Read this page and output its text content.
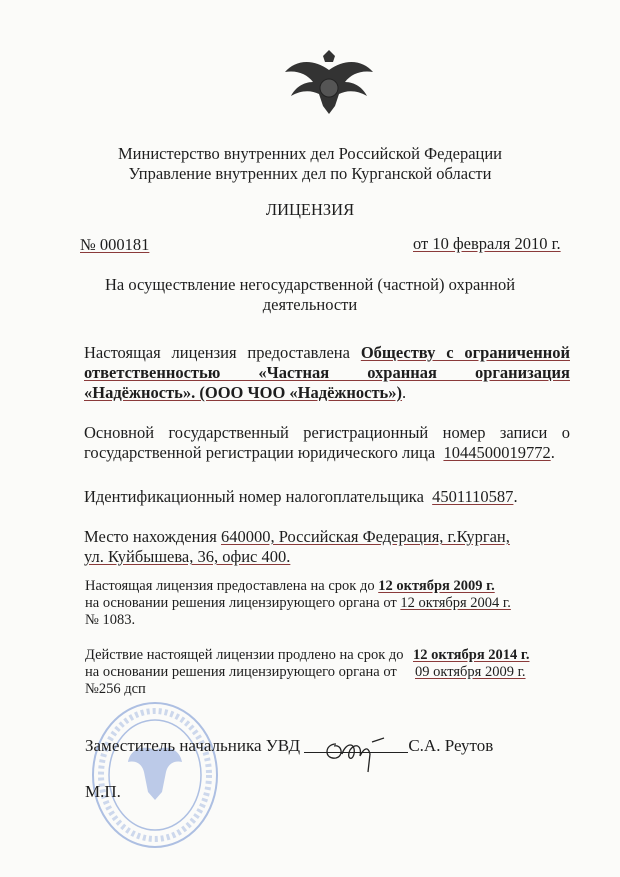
Министерство внутренних дел Российской Федерации
Управление внутренних дел по Курганской области
ЛИЦЕНЗИЯ
№ 000181	от 10 февраля 2010 г.
На осуществление негосударственной (частной) охранной
деятельности
Настоящая лицензия предоставлена Обществу с ограниченной
ответственностью «Частная охранная организация
«Надёжность». (ООО ЧОО «Надёжность»).
Основной государственный регистрационный номер записи о
государственной регистрации юридического лица 1044500019772.
Идентификационный номер налогоплательщика 4501110587.
Место нахождения 640000, Российская Федерация, г.Курган,
ул. Куйбышева, 36, офис 400.
Настоящая лицензия предоставлена на срок до 12 октября 2009 г.
на основании решения лицензирующего органа от 12 октября 2004 г.
№ 1083.
Действие настоящей лицензии продлено на срок до 12 октября 2014 г.
на основании решения лицензирующего органа от 09 октября 2009 г.
№256 дсп
Заместитель начальника УВД	С.А. Реутов
М.П.
